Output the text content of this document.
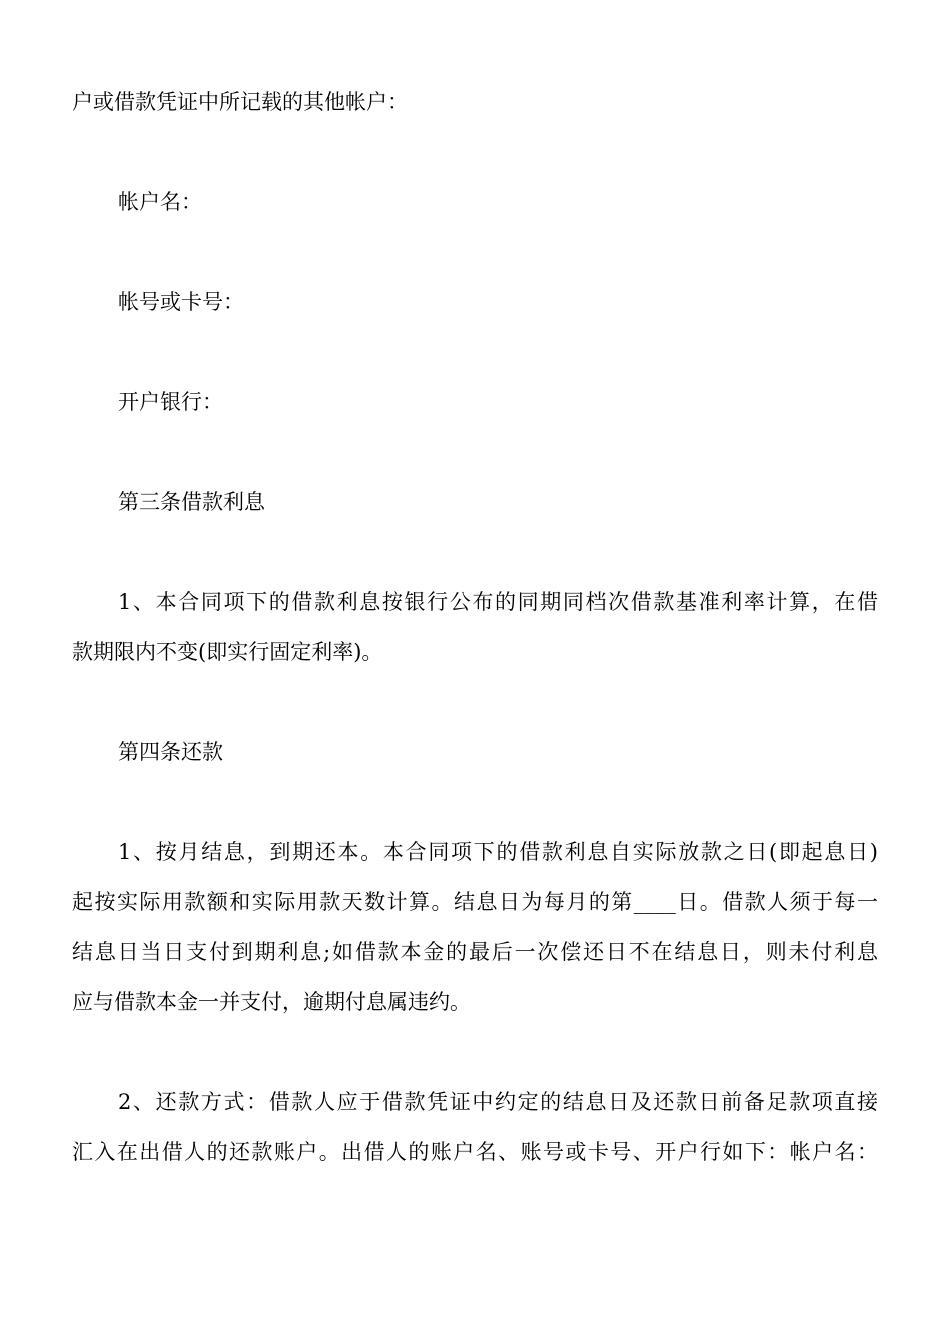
户或借款凭证中所记载的其他帐户：
帐户名：
帐号或卡号：
开户银行：
第三条借款利息
1、本合同项下的借款利息按银行公布的同期同档次借款基准利率计算，在借
款期限内不变(即实行固定利率)。
第四条还款
1、按月结息，到期还本。本合同项下的借款利息自实际放款之日(即起息日)
起按实际用款额和实际用款天数计算。结息日为每月的第____日。借款人须于每一
结息日当日支付到期利息;如借款本金的最后一次偿还日不在结息日，则未付利息
应与借款本金一并支付，逾期付息属违约。
2、还款方式：借款人应于借款凭证中约定的结息日及还款日前备足款项直接
汇入在出借人的还款账户。出借人的账户名、账号或卡号、开户行如下：帐户名：
